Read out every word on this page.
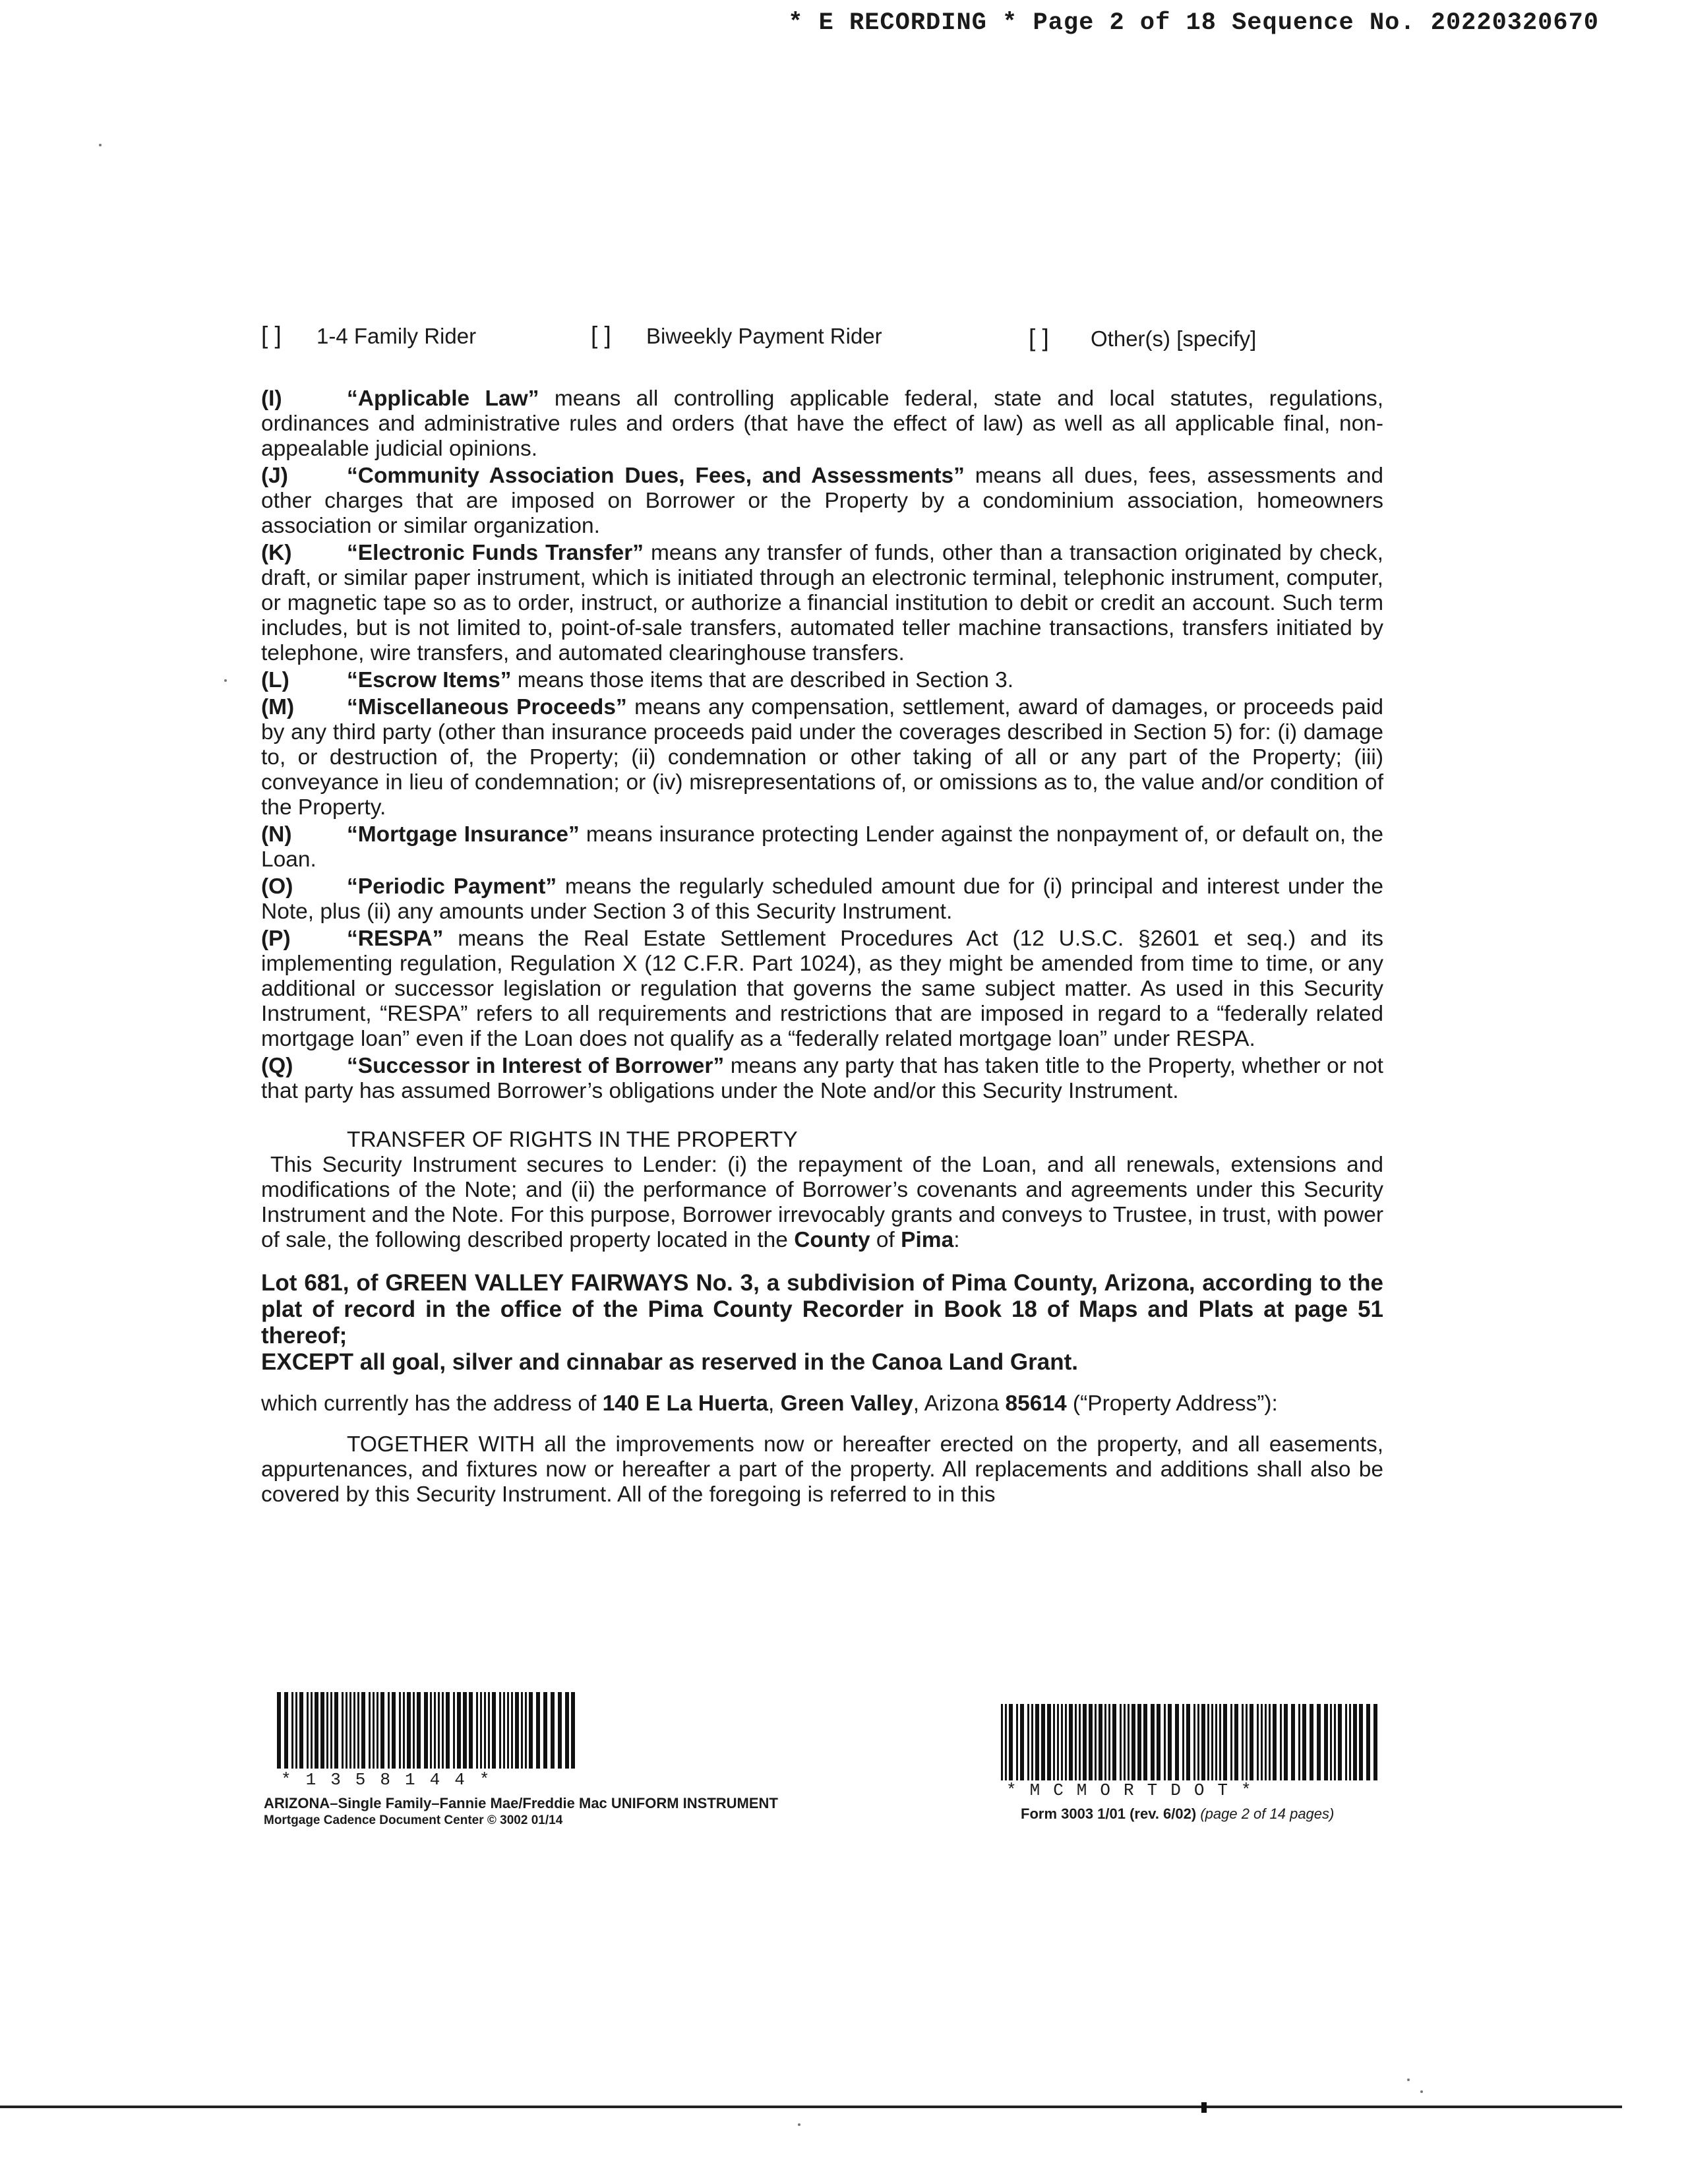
* E RECORDING * Page 2 of 18 Sequence No. 20220320670
[ ] 1-4 Family Rider	[ ] Biweekly Payment Rider	[ ] Other(s) [specify]

(I)	“Applicable Law” means all controlling applicable federal, state and local statutes, regulations, ordinances and administrative rules and orders (that have the effect of law) as well as all applicable final, non-appealable judicial opinions.

(J)	“Community Association Dues, Fees, and Assessments” means all dues, fees, assessments and other charges that are imposed on Borrower or the Property by a condominium association, homeowners association or similar organization.

(K) “Electronic Funds Transfer” means any transfer of funds, other than a transaction originated by check, draft, or similar paper instrument, which is initiated through an electronic terminal, telephonic instrument, computer, or magnetic tape so as to order, instruct, or authorize a financial institution to debit or credit an account. Such term includes, but is not limited to, point-of-sale transfers, automated teller machine transactions, transfers initiated by telephone, wire transfers, and automated clearinghouse transfers.

(L)	“Escrow Items” means those items that are described in Section 3.

(M) “Miscellaneous Proceeds” means any compensation, settlement, award of damages, or proceeds paid by any third party (other than insurance proceeds paid under the coverages described in Section 5) for: (i) damage to, or destruction of, the Property; (ii) condemnation or other taking of all or any part of the Property; (iii) conveyance in lieu of condemnation; or (iv) misrepresentations of, or omissions as to, the value and/or condition of the Property.

(N) “Mortgage Insurance” means insurance protecting Lender against the nonpayment of, or default on, the Loan.

(O) “Periodic Payment” means the regularly scheduled amount due for (i) principal and interest under the Note, plus (ii) any amounts under Section 3 of this Security Instrument.

(P)	“RESPA” means the Real Estate Settlement Procedures Act (12 U.S.C. §2601 et seq.) and its implementing regulation, Regulation X (12 C.F.R. Part 1024), as they might be amended from time to time, or any additional or successor legislation or regulation that governs the same subject matter. As used in this Security Instrument, “RESPA” refers to all requirements and restrictions that are imposed in regard to a “federally related mortgage loan” even if the Loan does not qualify as a “federally related mortgage loan” under RESPA.

(Q) “Successor in Interest of Borrower” means any party that has taken title to the Property, whether or not that party has assumed Borrower’s obligations under the Note and/or this Security Instrument.

TRANSFER OF RIGHTS IN THE PROPERTY

This Security Instrument secures to Lender: (i) the repayment of the Loan, and all renewals, extensions and modifications of the Note; and (ii) the performance of Borrower’s covenants and agreements under this Security Instrument and the Note. For this purpose, Borrower irrevocably grants and conveys to Trustee, in trust, with power of sale, the following described property located in the County of Pima:

Lot 681, of GREEN VALLEY FAIRWAYS No. 3, a subdivision of Pima County, Arizona, according to the plat of record in the office of the Pima County Recorder in Book 18 of Maps and Plats at page 51 thereof;
EXCEPT all goal, silver and cinnabar as reserved in the Canoa Land Grant.

which currently has the address of 140 E La Huerta, Green Valley, Arizona 85614 (“Property Address”):

TOGETHER WITH all the improvements now or hereafter erected on the property, and all easements, appurtenances, and fixtures now or hereafter a part of the property. All replacements and additions shall also be covered by this Security Instrument. All of the foregoing is referred to in this

*1358144*
*MCMORTDOT*
ARIZONA–Single Family–Fannie Mae/Freddie Mac UNIFORM INSTRUMENT
Mortgage Cadence Document Center © 3002 01/14	Form 3003 1/01 (rev. 6/02) (page 2 of 14 pages)
